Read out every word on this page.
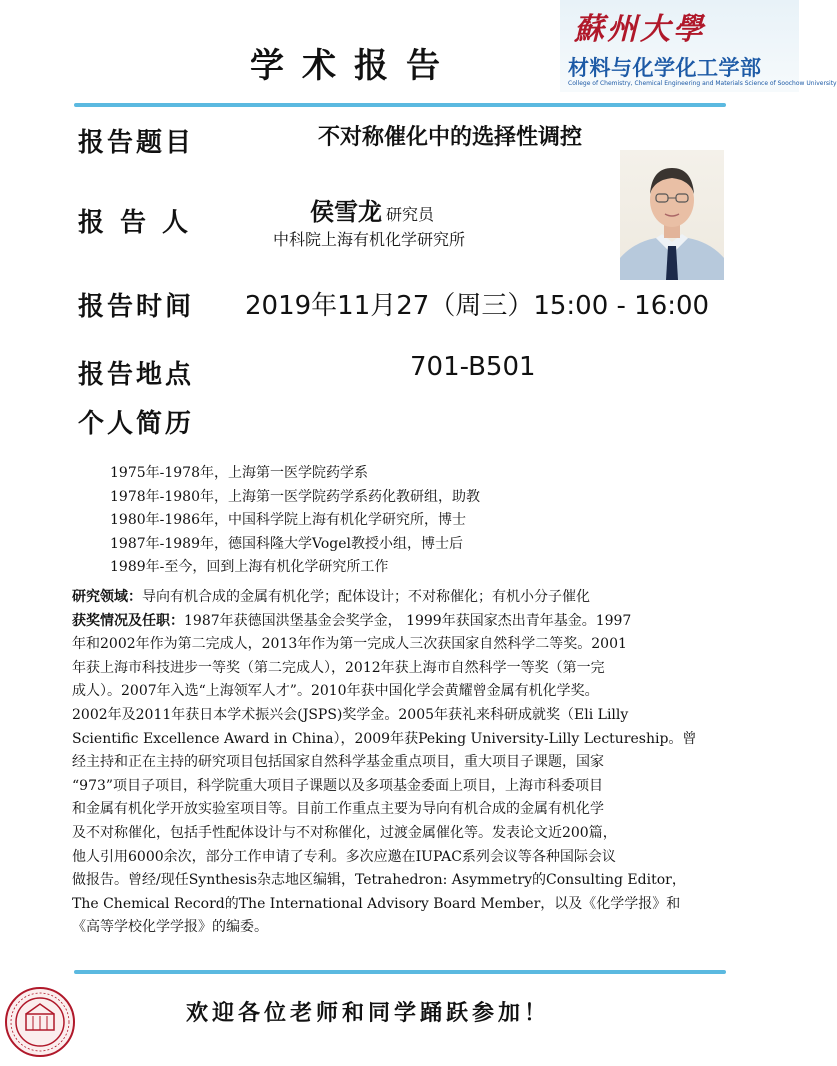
蘇州大學
材料与化学化工学部
College of Chemistry, Chemical Engineering and Materials Science of Soochow University
学术报告
报告题目	不对称催化中的选择性调控
报告人	侯雪龙 研究员
中科院上海有机化学研究所
报告时间 2019年11月27（周三）15:00 - 16:00
报告地点	701-B501
个人简历
1975年-1978年，上海第一医学院药学系
1978年-1980年，上海第一医学院药学系药化教研组，助教
1980年-1986年，中国科学院上海有机化学研究所，博士
1987年-1989年，德国科隆大学Vogel教授小组，博士后
1989年-至今，回到上海有机化学研究所工作
研究领域：导向有机合成的金属有机化学；配体设计；不对称催化；有机小分子催化
获奖情况及任职：1987年获德国洪堡基金会奖学金， 1999年获国家杰出青年基金。1997
年和2002年作为第二完成人，2013年作为第一完成人三次获国家自然科学二等奖。2001
年获上海市科技进步一等奖（第二完成人），2012年获上海市自然科学一等奖（第一完
成人）。2007年入选“上海领军人才”。2010年获中国化学会黄耀曾金属有机化学奖。
2002年及2011年获日本学术振兴会(JSPS)奖学金。2005年获礼来科研成就奖（Eli Lilly
Scientific Excellence Award in China），2009年获Peking University-Lilly Lectureship。曾
经主持和正在主持的研究项目包括国家自然科学基金重点项目，重大项目子课题，国家
“973”项目子项目，科学院重大项目子课题以及多项基金委面上项目，上海市科委项目
和金属有机化学开放实验室项目等。目前工作重点主要为导向有机合成的金属有机化学
及不对称催化，包括手性配体设计与不对称催化，过渡金属催化等。发表论文近200篇，
他人引用6000余次，部分工作申请了专利。多次应邀在IUPAC系列会议等各种国际会议
做报告。曾经/现任Synthesis杂志地区编辑，Tetrahedron: Asymmetry的Consulting Editor，
The Chemical Record的The International Advisory Board Member，以及《化学学报》和
《高等学校化学学报》的编委。
欢迎各位老师和同学踊跃参加！
